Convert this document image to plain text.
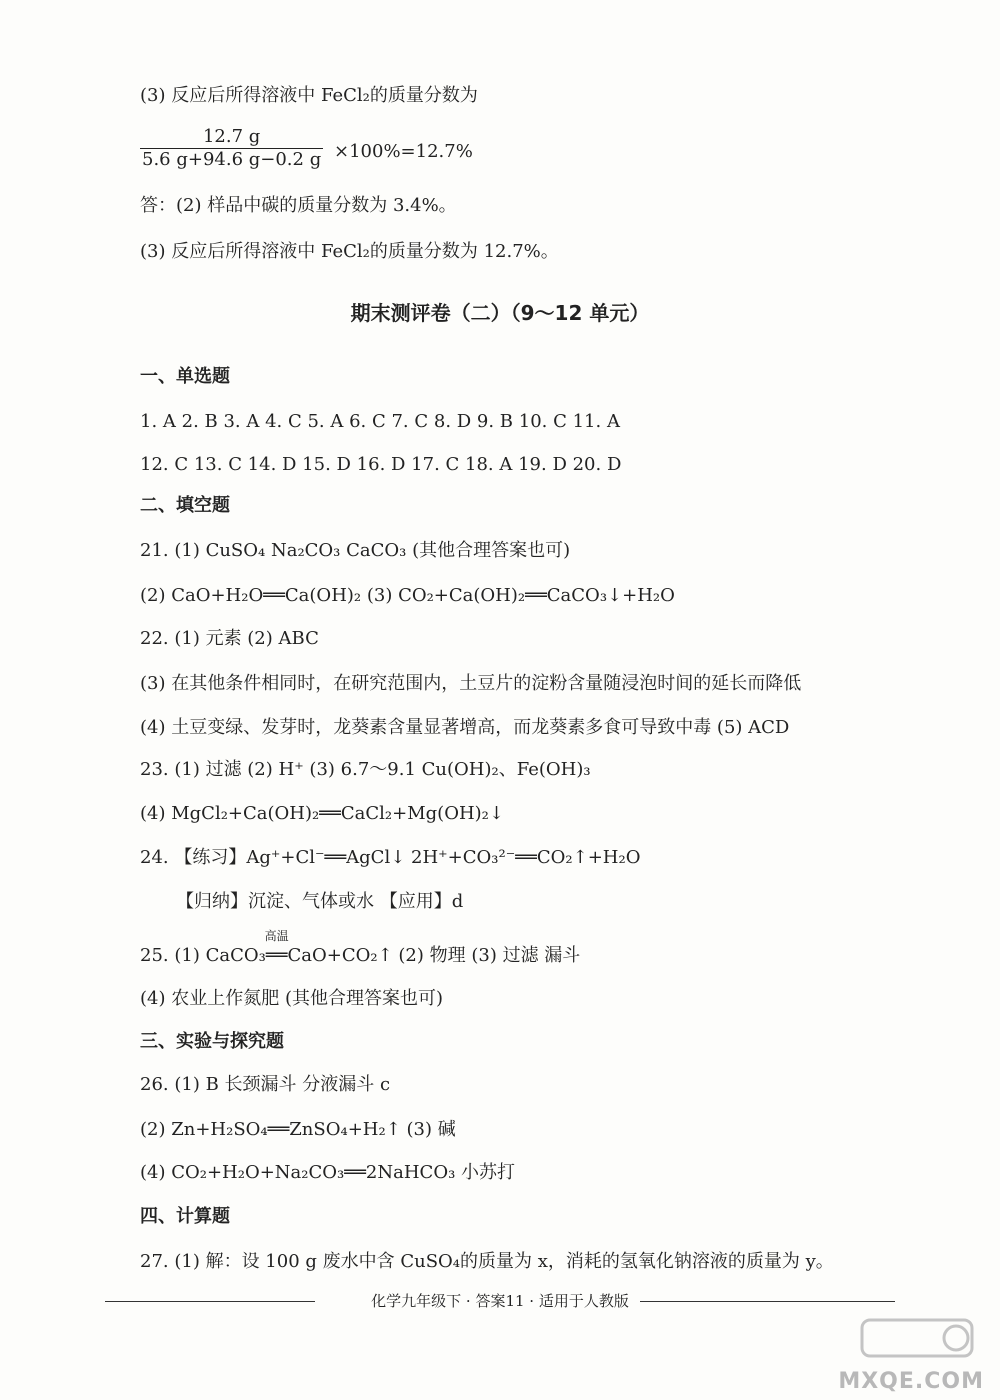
(3) 反应后所得溶液中 FeCl₂的质量分数为
$\frac{12.7 g}{5.6 g+94.6 g-0.2 g} \times 100\%=12.7\%$
答：(2) 样品中碳的质量分数为 3.4%。
(3) 反应后所得溶液中 FeCl₂的质量分数为 12.7%。
期末测评卷（二）（9～12 单元）
一、单选题
1. A 2. B 3. A 4. C 5. A 6. C 7. C 8. D 9. B 10. C 11. A
12. C 13. C 14. D 15. D 16. D 17. C 18. A 19. D 20. D
二、填空题
21. (1) CuSO₄ Na₂CO₃ CaCO₃ (其他合理答案也可)
(2) CaO+H₂O══Ca(OH)₂ (3) CO₂+Ca(OH)₂══CaCO₃↓+H₂O
22. (1) 元素 (2) ABC
(3) 在其他条件相同时，在研究范围内，土豆片的淀粉含量随浸泡时间的延长而降低
(4) 土豆变绿、发芽时，龙葵素含量显著增高，而龙葵素多食可导致中毒 (5) ACD
23. (1) 过滤 (2) H⁺ (3) 6.7～9.1 Cu(OH)₂、Fe(OH)₃
(4) MgCl₂+Ca(OH)₂══CaCl₂+Mg(OH)₂↓
24. 【练习】Ag⁺+Cl⁻══AgCl↓ 2H⁺+CO₃²⁻══CO₂↑+H₂O
【归纳】沉淀、气体或水 【应用】d
25. (1) CaCO₃
高温
══CaO+CO₂↑ (2) 物理 (3) 过滤 漏斗
(4) 农业上作氮肥 (其他合理答案也可)
三、实验与探究题
26. (1) B 长颈漏斗 分液漏斗 c
(2) Zn+H₂SO₄══ZnSO₄+H₂↑ (3) 碱
(4) CO₂+H₂O+Na₂CO₃══2NaHCO₃ 小苏打
四、计算题
27. (1) 解：设 100 g 废水中含 CuSO₄的质量为 x，消耗的氢氧化钠溶液的质量为 y。
化学九年级下 · 答案11 · 适用于人教版
MXQE.COM
